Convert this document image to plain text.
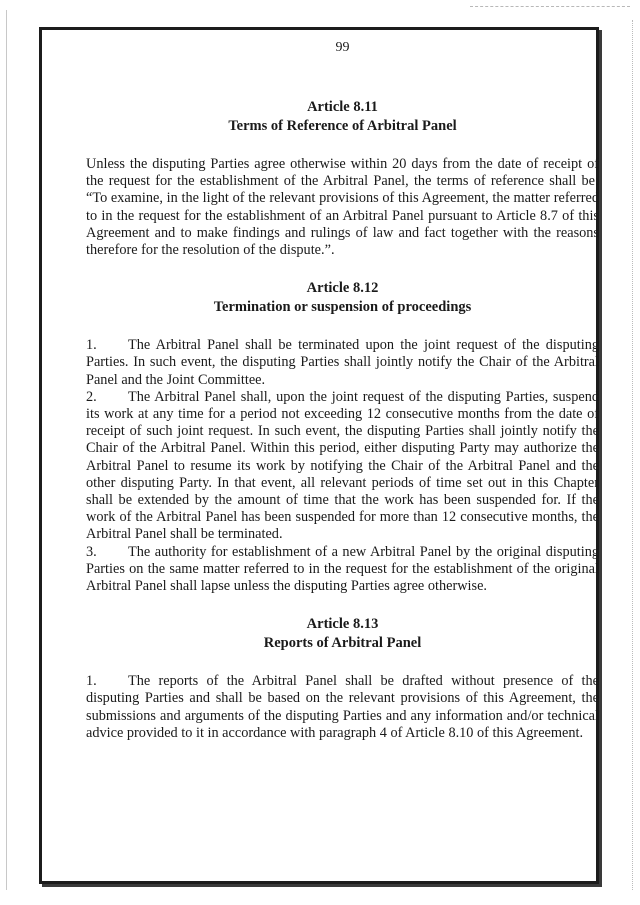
99
Article 8.11
Terms of Reference of Arbitral Panel

Unless the disputing Parties agree otherwise within 20 days from the date of receipt of the request for the establishment of the Arbitral Panel, the terms of reference shall be: “To examine, in the light of the relevant provisions of this Agreement, the matter referred to in the request for the establishment of an Arbitral Panel pursuant to Article 8.7 of this Agreement and to make findings and rulings of law and fact together with the reasons therefore for the resolution of the dispute.”.

Article 8.12
Termination or suspension of proceedings

1. The Arbitral Panel shall be terminated upon the joint request of the disputing Parties. In such event, the disputing Parties shall jointly notify the Chair of the Arbitral Panel and the Joint Committee.

2. The Arbitral Panel shall, upon the joint request of the disputing Parties, suspend its work at any time for a period not exceeding 12 consecutive months from the date of receipt of such joint request. In such event, the disputing Parties shall jointly notify the Chair of the Arbitral Panel. Within this period, either disputing Party may authorize the Arbitral Panel to resume its work by notifying the Chair of the Arbitral Panel and the other disputing Party. In that event, all relevant periods of time set out in this Chapter shall be extended by the amount of time that the work has been suspended for. If the work of the Arbitral Panel has been suspended for more than 12 consecutive months, the Arbitral Panel shall be terminated.

3. The authority for establishment of a new Arbitral Panel by the original disputing Parties on the same matter referred to in the request for the establishment of the original Arbitral Panel shall lapse unless the disputing Parties agree otherwise.

Article 8.13
Reports of Arbitral Panel

1. The reports of the Arbitral Panel shall be drafted without presence of the disputing Parties and shall be based on the relevant provisions of this Agreement, the submissions and arguments of the disputing Parties and any information and/or technical advice provided to it in accordance with paragraph 4 of Article 8.10 of this Agreement.
